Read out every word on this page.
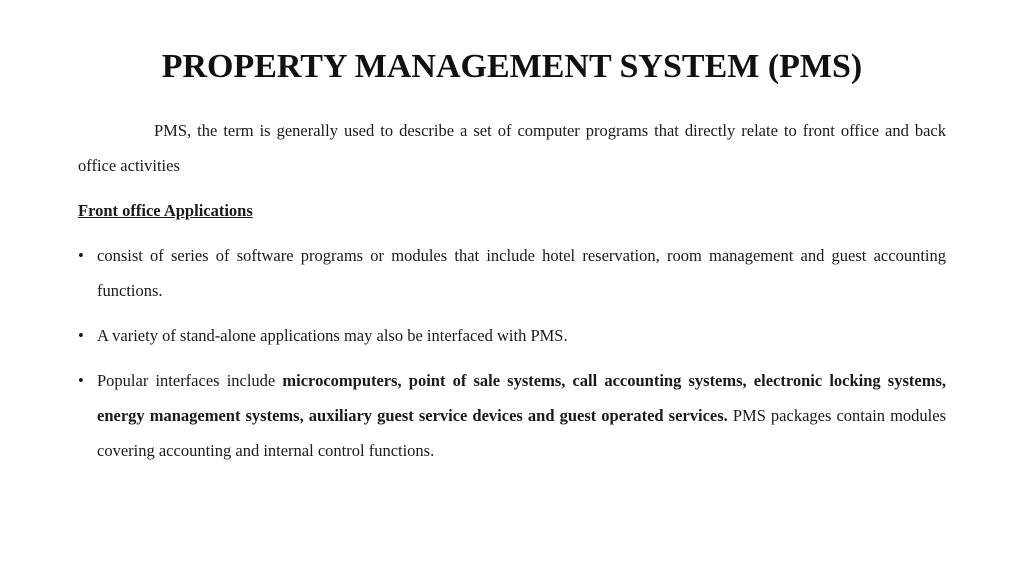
PROPERTY MANAGEMENT SYSTEM (PMS)

PMS, the term is generally used to describe a set of computer programs that directly relate to front office and back office activities

Front office Applications

• consist of series of software programs or modules that include hotel reservation, room management and guest accounting functions.
• A variety of stand-alone applications may also be interfaced with PMS.
• Popular interfaces include microcomputers, point of sale systems, call accounting systems, electronic locking systems, energy management systems, auxiliary guest service devices and guest operated services. PMS packages contain modules covering accounting and internal control functions.
